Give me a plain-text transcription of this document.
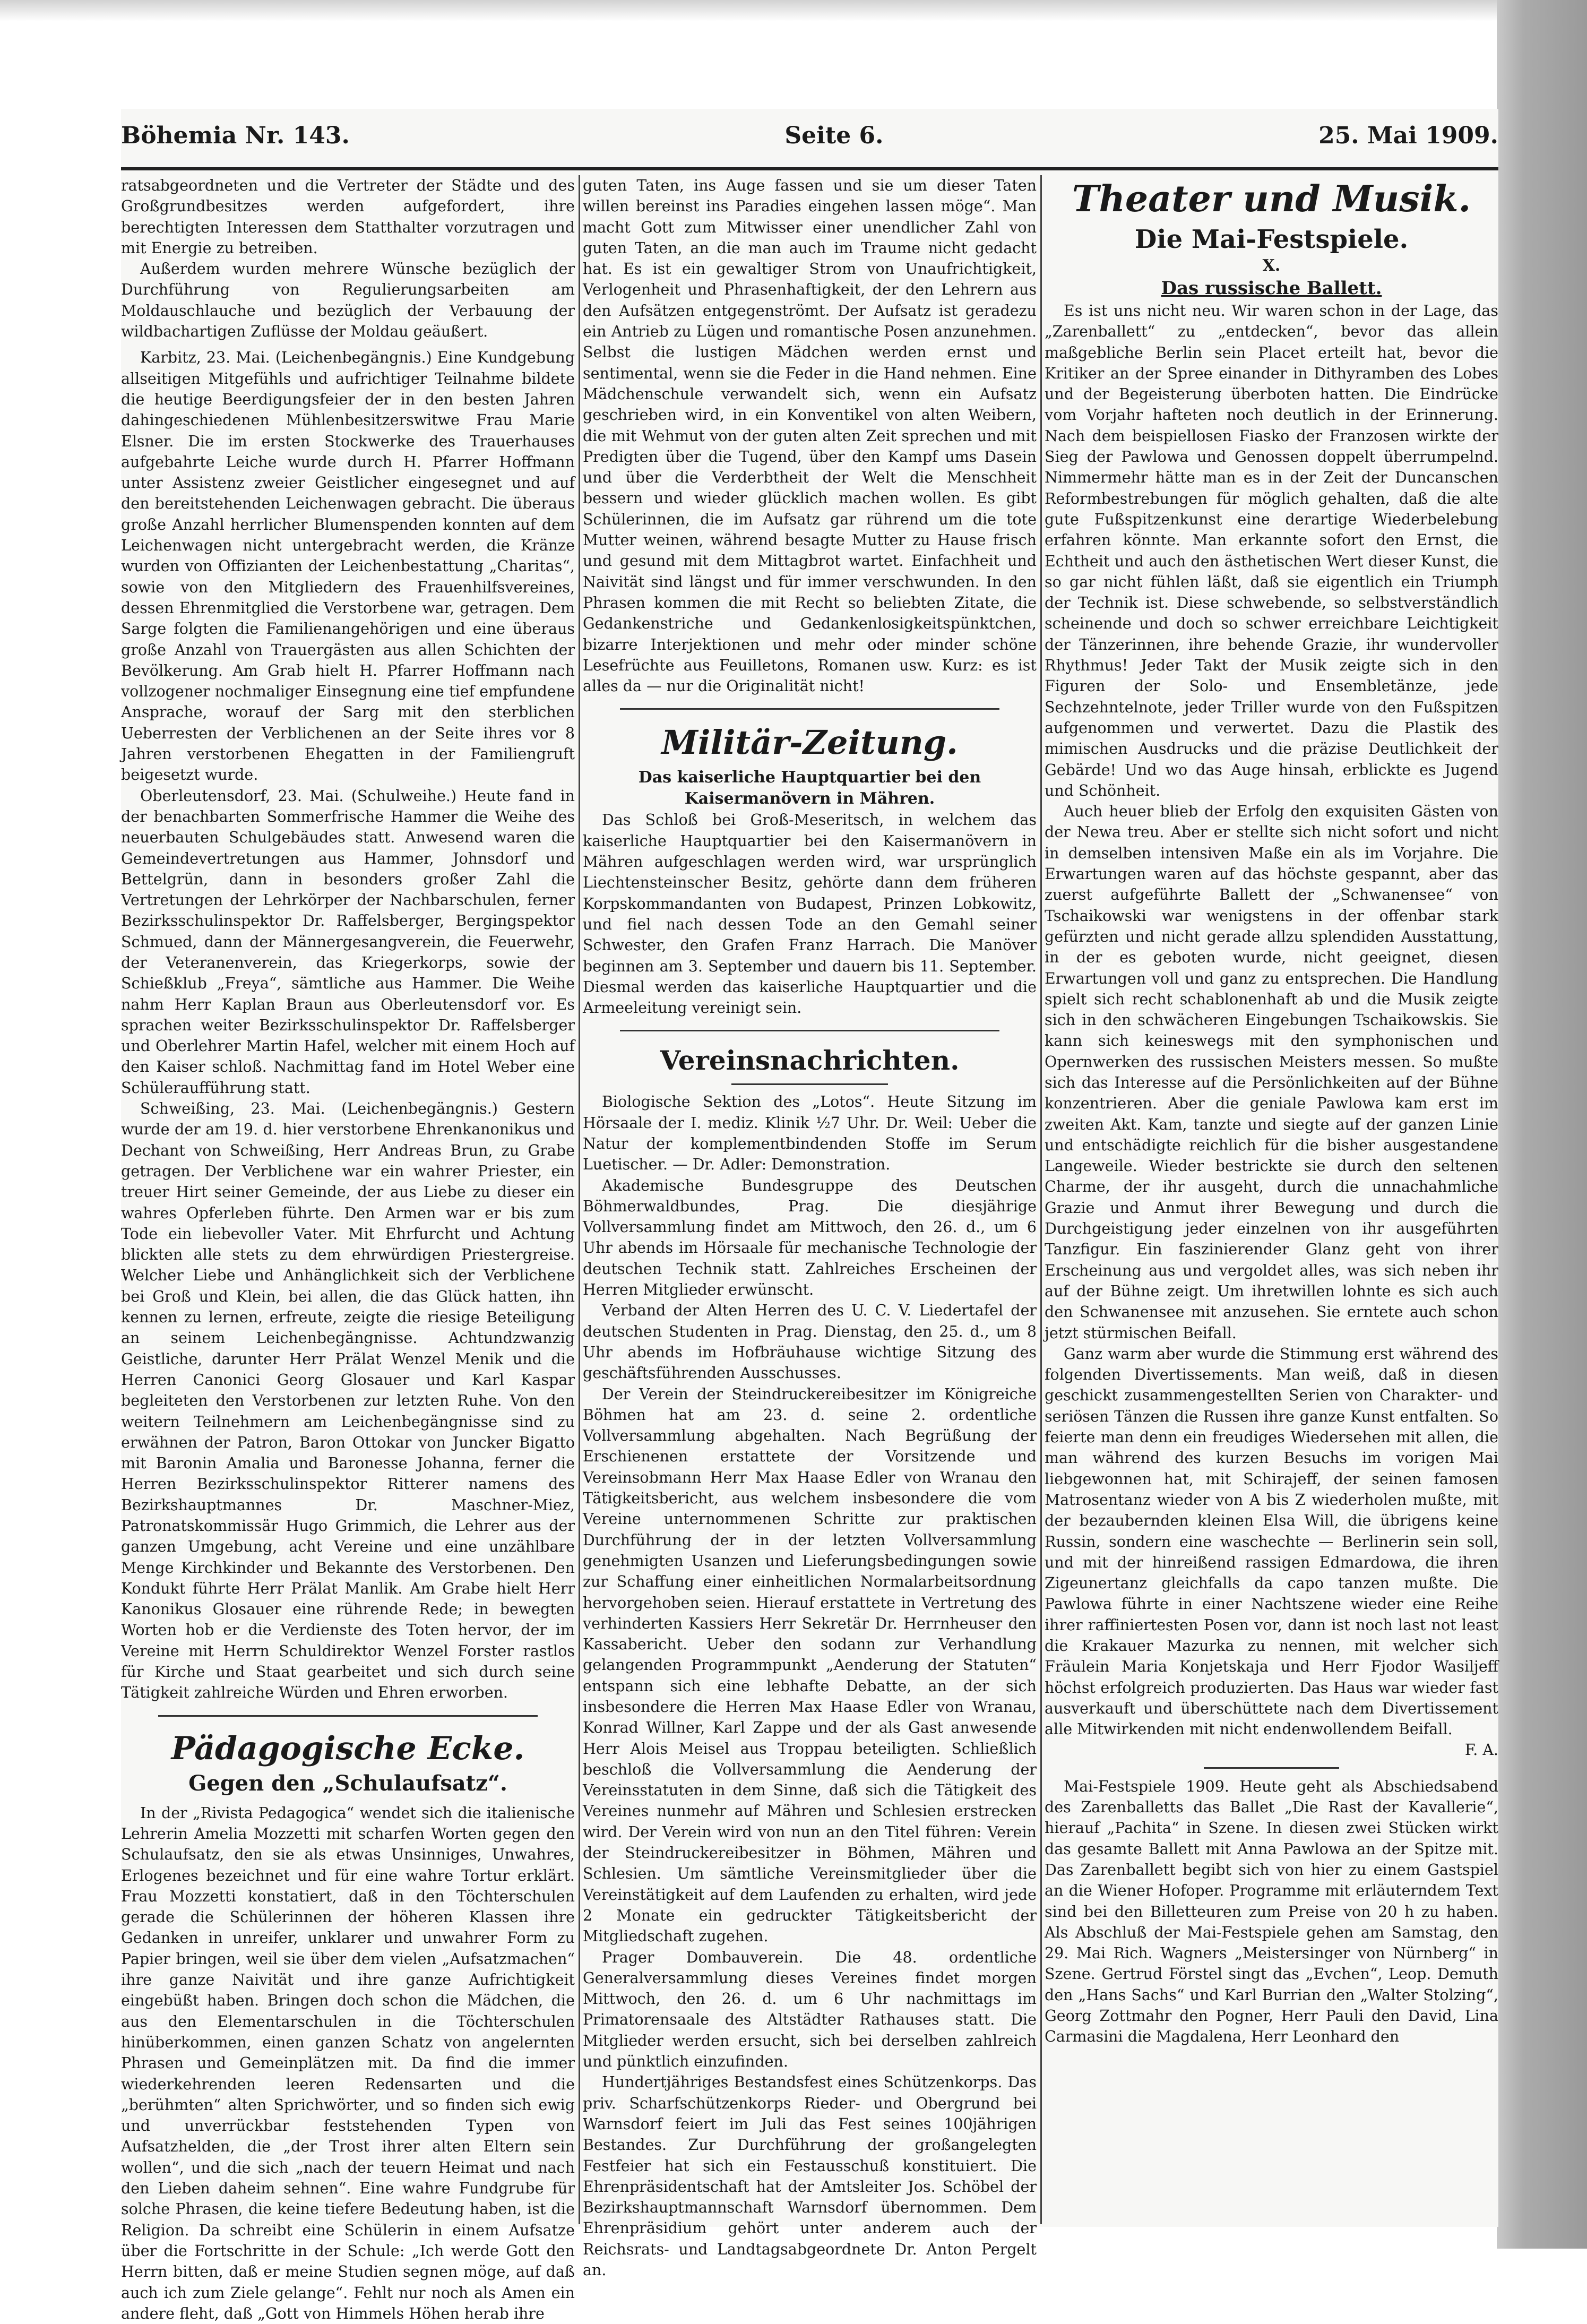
Böhemia Nr. 143.	Seite 6.	25. Mai 1909.

ratsabgeordneten und die Vertreter der Städte und des Großgrundbesitzes werden aufgefordert, ihre berechtigten Interessen dem Statthalter vorzutragen und mit Energie zu betreiben.

Außerdem wurden mehrere Wünsche bezüglich der Durchführung von Regulierungsarbeiten am Moldauschlauche und bezüglich der Verbauung der wildbachartigen Zuflüsse der Moldau geäußert.

Karbitz, 23. Mai. (Leichenbegängnis.) Eine Kundgebung allseitigen Mitgefühls und aufrichtiger Teilnahme bildete die heutige Beerdigungsfeier der in den besten Jahren dahingeschiedenen Mühlenbesitzerswitwe Frau Marie Elsner. Die im ersten Stockwerke des Trauerhauses aufgebahrte Leiche wurde durch H. Pfarrer Hoffmann unter Assistenz zweier Geistlicher eingesegnet und auf den bereitstehenden Leichenwagen gebracht. Die überaus große Anzahl herrlicher Blumenspenden konnten auf dem Leichenwagen nicht untergebracht werden, die Kränze wurden von Offizianten der Leichenbestattung „Charitas“, sowie von den Mitgliedern des Frauenhilfsvereines, dessen Ehrenmitglied die Verstorbene war, getragen. Dem Sarge folgten die Familienangehörigen und eine überaus große Anzahl von Trauergästen aus allen Schichten der Bevölkerung. Am Grab hielt H. Pfarrer Hoffmann nach vollzogener nochmaliger Einsegnung eine tief empfundene Ansprache, worauf der Sarg mit den sterblichen Ueberresten der Verblichenen an der Seite ihres vor 8 Jahren verstorbenen Ehegatten in der Familiengruft beigesetzt wurde.

Oberleutensdorf, 23. Mai. (Schulweihe.) Heute fand in der benachbarten Sommerfrische Hammer die Weihe des neuerbauten Schulgebäudes statt. Anwesend waren die Gemeindevertretungen aus Hammer, Johnsdorf und Bettelgrün, dann in besonders großer Zahl die Vertretungen der Lehrkörper der Nachbarschulen, ferner Bezirksschulinspektor Dr. Raffelsberger, Bergingspektor Schmued, dann der Männergesangverein, die Feuerwehr, der Veteranenverein, das Kriegerkorps, sowie der Schießklub „Freya“, sämtliche aus Hammer. Die Weihe nahm Herr Kaplan Braun aus Oberleutensdorf vor. Es sprachen weiter Bezirksschulinspektor Dr. Raffelsberger und Oberlehrer Martin Hafel, welcher mit einem Hoch auf den Kaiser schloß. Nachmittag fand im Hotel Weber eine Schüleraufführung statt.

Schweißing, 23. Mai. (Leichenbegängnis.) Gestern wurde der am 19. d. hier verstorbene Ehrenkanonikus und Dechant von Schweißing, Herr Andreas Brun, zu Grabe getragen. Der Verblichene war ein wahrer Priester, ein treuer Hirt seiner Gemeinde, der aus Liebe zu dieser ein wahres Opferleben führte. Den Armen war er bis zum Tode ein liebevoller Vater. Mit Ehrfurcht und Achtung blickten alle stets zu dem ehrwürdigen Priestergreise. Welcher Liebe und Anhänglichkeit sich der Verblichene bei Groß und Klein, bei allen, die das Glück hatten, ihn kennen zu lernen, erfreute, zeigte die riesige Beteiligung an seinem Leichenbegängnisse. Achtundzwanzig Geistliche, darunter Herr Prälat Wenzel Menik und die Herren Canonici Georg Glosauer und Karl Kaspar begleiteten den Verstorbenen zur letzten Ruhe. Von den weitern Teilnehmern am Leichenbegängnisse sind zu erwähnen der Patron, Baron Ottokar von Juncker Bigatto mit Baronin Amalia und Baronesse Johanna, ferner die Herren Bezirksschulinspektor Ritterer namens des Bezirkshauptmannes Dr. Maschner-Miez, Patronatskommissär Hugo Grimmich, die Lehrer aus der ganzen Umgebung, acht Vereine und eine unzählbare Menge Kirchkinder und Bekannte des Verstorbenen. Den Kondukt führte Herr Prälat Manlik. Am Grabe hielt Herr Kanonikus Glosauer eine rührende Rede; in bewegten Worten hob er die Verdienste des Toten hervor, der im Vereine mit Herrn Schuldirektor Wenzel Forster rastlos für Kirche und Staat gearbeitet und sich durch seine Tätigkeit zahlreiche Würden und Ehren erworben.

Pädagogische Ecke.

Gegen den „Schulaufsatz“.

In der „Rivista Pedagogica“ wendet sich die italienische Lehrerin Amelia Mozzetti mit scharfen Worten gegen den Schulaufsatz, den sie als etwas Unsinniges, Unwahres, Erlogenes bezeichnet und für eine wahre Tortur erklärt. Frau Mozzetti konstatiert, daß in den Töchterschulen gerade die Schülerinnen der höheren Klassen ihre Gedanken in unreifer, unklarer und unwahrer Form zu Papier bringen, weil sie über dem vielen „Aufsatzmachen“ ihre ganze Naivität und ihre ganze Aufrichtigkeit eingebüßt haben. Bringen doch schon die Mädchen, die aus den Elementarschulen in die Töchterschulen hinüberkommen, einen ganzen Schatz von angelernten Phrasen und Gemeinplätzen mit. Da find die immer wiederkehrenden leeren Redensarten und die „berühmten“ alten Sprichwörter, und so finden sich ewig und unverrückbar feststehenden Typen von Aufsatzhelden, die „der Trost ihrer alten Eltern sein wollen“, und die sich „nach der teuern Heimat und nach den Lieben daheim sehnen“. Eine wahre Fundgrube für solche Phrasen, die keine tiefere Bedeutung haben, ist die Religion. Da schreibt eine Schülerin in einem Aufsatze über die Fortschritte in der Schule: „Ich werde Gott den Herrn bitten, daß er meine Studien segnen möge, auf daß auch ich zum Ziele gelange“. Fehlt nur noch als Amen ein andere fleht, daß „Gott von Himmels Höhen herab ihre

guten Taten, ins Auge fassen und sie um dieser Taten willen bereinst ins Paradies eingehen lassen möge“. Man macht Gott zum Mitwisser einer unendlicher Zahl von guten Taten, an die man auch im Traume nicht gedacht hat. Es ist ein gewaltiger Strom von Unaufrichtigkeit, Verlogenheit und Phrasenhaftigkeit, der den Lehrern aus den Aufsätzen entgegenströmt. Der Aufsatz ist geradezu ein Antrieb zu Lügen und romantische Posen anzunehmen. Selbst die lustigen Mädchen werden ernst und sentimental, wenn sie die Feder in die Hand nehmen. Eine Mädchenschule verwandelt sich, wenn ein Aufsatz geschrieben wird, in ein Konventikel von alten Weibern, die mit Wehmut von der guten alten Zeit sprechen und mit Predigten über die Tugend, über den Kampf ums Dasein und über die Verderbtheit der Welt die Menschheit bessern und wieder glücklich machen wollen. Es gibt Schülerinnen, die im Aufsatz gar rührend um die tote Mutter weinen, während besagte Mutter zu Hause frisch und gesund mit dem Mittagbrot wartet. Einfachheit und Naivität sind längst und für immer verschwunden. In den Phrasen kommen die mit Recht so beliebten Zitate, die Gedankenstriche und Gedankenlosigkeitspünktchen, bizarre Interjektionen und mehr oder minder schöne Lesefrüchte aus Feuilletons, Romanen usw. Kurz: es ist alles da — nur die Originalität nicht!

Militär-Zeitung.

Das kaiserliche Hauptquartier bei den Kaisermanövern in Mähren.

Das Schloß bei Groß-Meseritsch, in welchem das kaiserliche Hauptquartier bei den Kaisermanövern in Mähren aufgeschlagen werden wird, war ursprünglich Liechtensteinscher Besitz, gehörte dann dem früheren Korpskommandanten von Budapest, Prinzen Lobkowitz, und fiel nach dessen Tode an den Gemahl seiner Schwester, den Grafen Franz Harrach. Die Manöver beginnen am 3. September und dauern bis 11. September. Diesmal werden das kaiserliche Hauptquartier und die Armeeleitung vereinigt sein.

Vereinsnachrichten.

Biologische Sektion des „Lotos“. Heute Sitzung im Hörsaale der I. mediz. Klinik ½7 Uhr. Dr. Weil: Ueber die Natur der komplementbindenden Stoffe im Serum Luetischer. — Dr. Adler: Demonstration.

Akademische Bundesgruppe des Deutschen Böhmerwaldbundes, Prag. Die diesjährige Vollversammlung findet am Mittwoch, den 26. d., um 6 Uhr abends im Hörsaale für mechanische Technologie der deutschen Technik statt. Zahlreiches Erscheinen der Herren Mitglieder erwünscht.

Verband der Alten Herren des U. C. V. Liedertafel der deutschen Studenten in Prag. Dienstag, den 25. d., um 8 Uhr abends im Hofbräuhause wichtige Sitzung des geschäftsführenden Ausschusses.

Der Verein der Steindruckereibesitzer im Königreiche Böhmen hat am 23. d. seine 2. ordentliche Vollversammlung abgehalten. Nach Begrüßung der Erschienenen erstattete der Vorsitzende und Vereinsobmann Herr Max Haase Edler von Wranau den Tätigkeitsbericht, aus welchem insbesondere die vom Vereine unternommenen Schritte zur praktischen Durchführung der in der letzten Vollversammlung genehmigten Usanzen und Lieferungsbedingungen sowie zur Schaffung einer einheitlichen Normalarbeitsordnung hervorgehoben seien. Hierauf erstattete in Vertretung des verhinderten Kassiers Herr Sekretär Dr. Herrnheuser den Kassabericht. Ueber den sodann zur Verhandlung gelangenden Programmpunkt „Aenderung der Statuten“ entspann sich eine lebhafte Debatte, an der sich insbesondere die Herren Max Haase Edler von Wranau, Konrad Willner, Karl Zappe und der als Gast anwesende Herr Alois Meisel aus Troppau beteiligten. Schließlich beschloß die Vollversammlung die Aenderung der Vereinsstatuten in dem Sinne, daß sich die Tätigkeit des Vereines nunmehr auf Mähren und Schlesien erstrecken wird. Der Verein wird von nun an den Titel führen: Verein der Steindruckereibesitzer in Böhmen, Mähren und Schlesien. Um sämtliche Vereinsmitglieder über die Vereinstätigkeit auf dem Laufenden zu erhalten, wird jede 2 Monate ein gedruckter Tätigkeitsbericht der Mitgliedschaft zugehen.

Prager Dombauverein. Die 48. ordentliche Generalversammlung dieses Vereines findet morgen Mittwoch, den 26. d. um 6 Uhr nachmittags im Primatorensaale des Altstädter Rathauses statt. Die Mitglieder werden ersucht, sich bei derselben zahlreich und pünktlich einzufinden.

Hundertjähriges Bestandsfest eines Schützenkorps. Das priv. Scharfschützenkorps Rieder- und Obergrund bei Warnsdorf feiert im Juli das Fest seines 100jährigen Bestandes. Zur Durchführung der großangelegten Festfeier hat sich ein Festausschuß konstituiert. Die Ehrenpräsidentschaft hat der Amtsleiter Jos. Schöbel der Bezirkshauptmannschaft Warnsdorf übernommen. Dem Ehrenpräsidium gehört unter anderem auch der Reichsrats- und Landtagsabgeordnete Dr. Anton Pergelt an.

Theater und Musik.

Die Mai-Festspiele.

X.

Das russische Ballett.

Es ist uns nicht neu. Wir waren schon in der Lage, das „Zarenballett“ zu „entdecken“, bevor das allein maßgebliche Berlin sein Placet erteilt hat, bevor die Kritiker an der Spree einander in Dithyramben des Lobes und der Begeisterung überboten hatten. Die Eindrücke vom Vorjahr hafteten noch deutlich in der Erinnerung. Nach dem beispiellosen Fiasko der Franzosen wirkte der Sieg der Pawlowa und Genossen doppelt überrumpelnd. Nimmermehr hätte man es in der Zeit der Duncanschen Reformbestrebungen für möglich gehalten, daß die alte gute Fußspitzenkunst eine derartige Wiederbelebung erfahren könnte. Man erkannte sofort den Ernst, die Echtheit und auch den ästhetischen Wert dieser Kunst, die so gar nicht fühlen läßt, daß sie eigentlich ein Triumph der Technik ist. Diese schwebende, so selbstverständlich scheinende und doch so schwer erreichbare Leichtigkeit der Tänzerinnen, ihre behende Grazie, ihr wundervoller Rhythmus! Jeder Takt der Musik zeigte sich in den Figuren der Solo- und Ensembletänze, jede Sechzehntelnote, jeder Triller wurde von den Fußspitzen aufgenommen und verwertet. Dazu die Plastik des mimischen Ausdrucks und die präzise Deutlichkeit der Gebärde! Und wo das Auge hinsah, erblickte es Jugend und Schönheit.

Auch heuer blieb der Erfolg den exquisiten Gästen von der Newa treu. Aber er stellte sich nicht sofort und nicht in demselben intensiven Maße ein als im Vorjahre. Die Erwartungen waren auf das höchste gespannt, aber das zuerst aufgeführte Ballett der „Schwanensee“ von Tschaikowski war wenigstens in der offenbar stark gefürzten und nicht gerade allzu splendiden Ausstattung, in der es geboten wurde, nicht geeignet, diesen Erwartungen voll und ganz zu entsprechen. Die Handlung spielt sich recht schablonenhaft ab und die Musik zeigte sich in den schwächeren Eingebungen Tschaikowskis. Sie kann sich keineswegs mit den symphonischen und Opernwerken des russischen Meisters messen. So mußte sich das Interesse auf die Persönlichkeiten auf der Bühne konzentrieren. Aber die geniale Pawlowa kam erst im zweiten Akt. Kam, tanzte und siegte auf der ganzen Linie und entschädigte reichlich für die bisher ausgestandene Langeweile. Wieder bestrickte sie durch den seltenen Charme, der ihr ausgeht, durch die unnachahmliche Grazie und Anmut ihrer Bewegung und durch die Durchgeistigung jeder einzelnen von ihr ausgeführten Tanzfigur. Ein faszinierender Glanz geht von ihrer Erscheinung aus und vergoldet alles, was sich neben ihr auf der Bühne zeigt. Um ihretwillen lohnte es sich auch den Schwanensee mit anzusehen. Sie erntete auch schon jetzt stürmischen Beifall.

Ganz warm aber wurde die Stimmung erst während des folgenden Divertissements. Man weiß, daß in diesen geschickt zusammengestellten Serien von Charakter- und seriösen Tänzen die Russen ihre ganze Kunst entfalten. So feierte man denn ein freudiges Wiedersehen mit allen, die man während des kurzen Besuchs im vorigen Mai liebgewonnen hat, mit Schirajeff, der seinen famosen Matrosentanz wieder von A bis Z wiederholen mußte, mit der bezaubernden kleinen Elsa Will, die übrigens keine Russin, sondern eine waschechte — Berlinerin sein soll, und mit der hinreißend rassigen Edmardowa, die ihren Zigeunertanz gleichfalls da capo tanzen mußte. Die Pawlowa führte in einer Nachtszene wieder eine Reihe ihrer raffiniertesten Posen vor, dann ist noch last not least die Krakauer Mazurka zu nennen, mit welcher sich Fräulein Maria Konjetskaja und Herr Fjodor Wasiljeff höchst erfolgreich produzierten. Das Haus war wieder fast ausverkauft und überschüttete nach dem Divertissement alle Mitwirkenden mit nicht endenwollendem Beifall.

F. A.

Mai-Festspiele 1909. Heute geht als Abschiedsabend des Zarenballetts das Ballet „Die Rast der Kavallerie“, hierauf „Pachita“ in Szene. In diesen zwei Stücken wirkt das gesamte Ballett mit Anna Pawlowa an der Spitze mit. Das Zarenballett begibt sich von hier zu einem Gastspiel an die Wiener Hofoper. Programme mit erläuterndem Text sind bei den Billetteuren zum Preise von 20 h zu haben. Als Abschluß der Mai-Festspiele gehen am Samstag, den 29. Mai Rich. Wagners „Meistersinger von Nürnberg“ in Szene. Gertrud Förstel singt das „Evchen“, Leop. Demuth den „Hans Sachs“ und Karl Burrian den „Walter Stolzing“, Georg Zottmahr den Pogner, Herr Pauli den David, Lina Carmasini die Magdalena, Herr Leonhard den
